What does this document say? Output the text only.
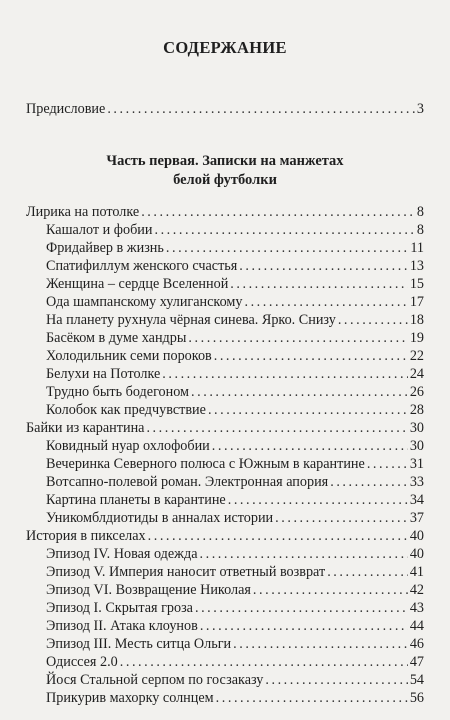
СОДЕРЖАНИЕ
Предисловие . . .	3
Часть первая. Записки на манжетах
белой футболки
Лирика на потолке . . .	8
Кашалот и фобии . . .	8
Фридайвер в жизнь . . .	11
Спатифиллум женского счастья . . .	13
Женщина – сердце Вселенной . . .	15
Ода шампанскому хулиганскому . . .	17
На планету рухнула чёрная синева. Ярко. Снизу . . .	18
Басёком в думе хандры . . .	19
Холодильник семи пороков . . .	22
Белухи на Потолке . . .	24
Трудно быть бодегоном . . .	26
Колобок как предчувствие . . .	28
Байки из карантина . . .	30
Ковидный нуар охлофобии . . .	30
Вечеринка Северного полюса с Южным в карантине . . .	31
Вотсапно-полевой роман. Электронная апория . . .	33
Картина планеты в карантине . . .	34
Уникомблдиотиды в анналах истории . . .	37
История в пикселах . . .	40
Эпизод IV. Новая одежда . . .	40
Эпизод V. Империя наносит ответный возврат . . .	41
Эпизод VI. Возвращение Николая . . .	42
Эпизод I. Скрытая гроза . . .	43
Эпизод II. Атака клоунов . . .	44
Эпизод III. Месть ситца Ольги . . .	46
Одиссея 2.0 . . .	47
Йося Стальной серпом по госзаказу . . .	54
Прикурив махорку солнцем . . .	56
